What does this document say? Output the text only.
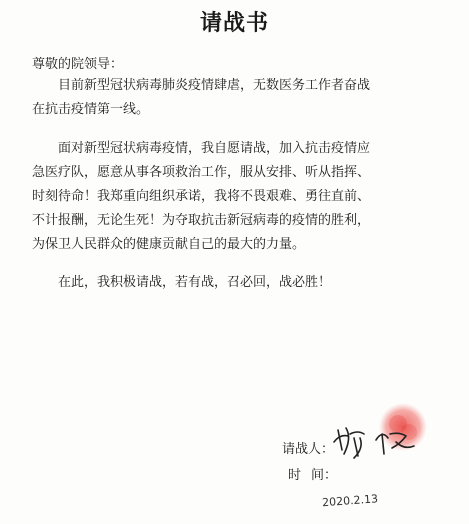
请战书
尊敬的院领导：
目前新型冠状病毒肺炎疫情肆虐，无数医务工作者奋战
在抗击疫情第一线。
面对新型冠状病毒疫情，我自愿请战，加入抗击疫情应
急医疗队，愿意从事各项救治工作，服从安排、听从指挥、
时刻待命！我郑重向组织承诺，我将不畏艰难、勇往直前、
不计报酬，无论生死！为夺取抗击新冠病毒的疫情的胜利，
为保卫人民群众的健康贡献自己的最大的力量。
在此，我积极请战，若有战，召必回，战必胜！
请战人：
时 间：
2020.2.13
